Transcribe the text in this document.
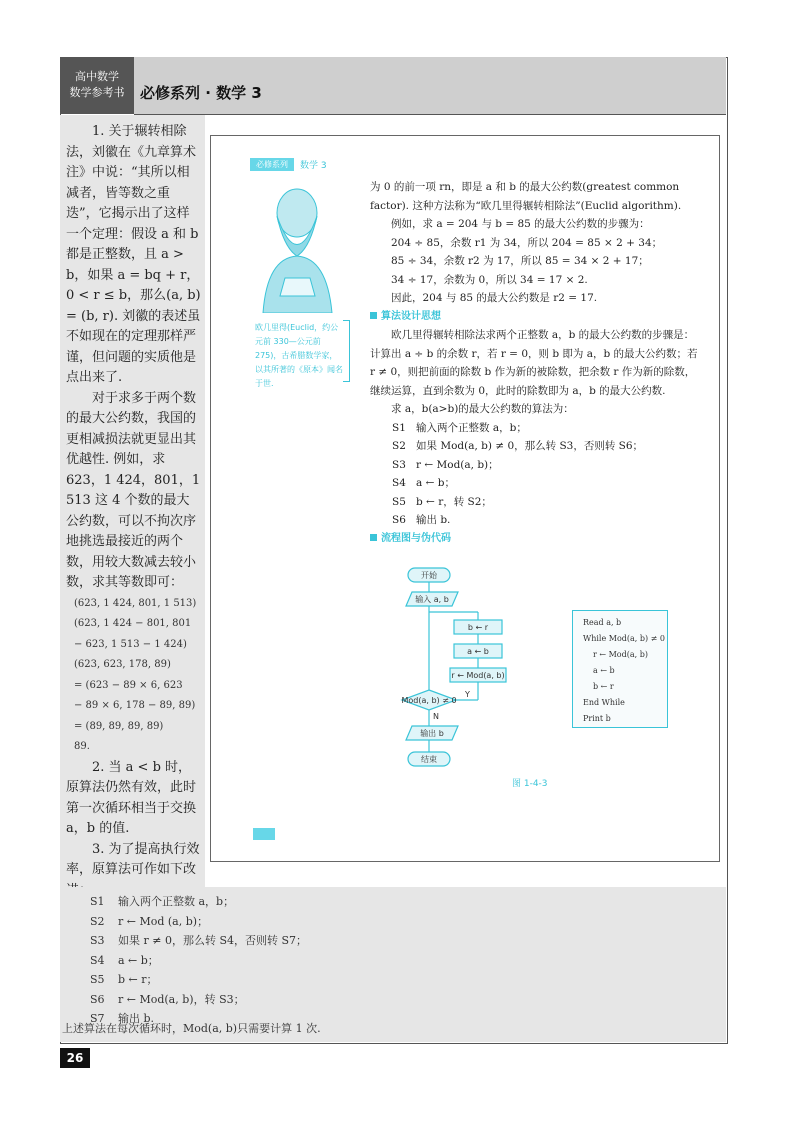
高中数学
数学参考书	必修系列 · 数学 3

1. 关于辗转相除法，刘徽在《九章算术注》中说：“其所以相减者，皆等数之重迭”，它揭示出了这样一个定理：假设 a 和 b 都是正整数，且 a > b，如果 a = bq + r，0 < r ≤ b，那么(a, b) = (b, r). 刘徽的表述虽不如现在的定理那样严谨，但问题的实质他是点出来了.

对于求多于两个数的最大公约数，我国的更相减损法就更显出其优越性. 例如，求 623，1 424，801，1 513 这 4 个数的最大公约数，可以不拘次序地挑选最接近的两个数，用较大数减去较小数，求其等数即可：

(623, 1 424, 801, 1 513)
(623, 1 424 − 801, 801
− 623, 1 513 − 1 424)
(623, 623, 178, 89)
= (623 − 89 × 6, 623
− 89 × 6, 178 − 89, 89)
= (89, 89, 89, 89)
89.

2. 当 a < b 时，原算法仍然有效，此时第一次循环相当于交换 a，b 的值.

3. 为了提高执行效率，原算法可作如下改

S1 输入两个正整数 a，b；
S2 r ← Mod (a, b)；
S3 如果 r ≠ 0，那么转 S4，否则转 S7；
S4 a ← b；
S5 b ← r；
S6 r ← Mod(a, b)，转 S3；
S7 输出 b.
上述算法在每次循环时，Mod(a, b)只需要计算 1 次.
必修系列	数学 3
欧几里得(Euclid，约公元前 330—公元前 275)，古希腊数学家，以其所著的《原本》闻名于世.

为 0 的前一项 rn，即是 a 和 b 的最大公约数(greatest common factor). 这种方法称为“欧几里得辗转相除法”(Euclid algorithm).

例如，求 a = 204 与 b = 85 的最大公约数的步骤为：

204 ÷ 85，余数 r1 为 34，所以 204 = 85 × 2 + 34；

85 ÷ 34，余数 r2 为 17，所以 85 = 34 × 2 + 17；

34 ÷ 17，余数为 0，所以 34 = 17 × 2.

因此，204 与 85 的最大公约数是 r2 = 17.

算法设计思想

欧几里得辗转相除法求两个正整数 a，b 的最大公约数的步骤是：计算出 a ÷ b 的余数 r，若 r = 0，则 b 即为 a，b 的最大公约数；若 r ≠ 0，则把前面的除数 b 作为新的被除数，把余数 r 作为新的除数，继续运算，直到余数为 0，此时的除数即为 a，b 的最大公约数.

求 a，b(a>b)的最大公约数的算法为：

S1 输入两个正整数 a，b；
S2 如果 Mod(a, b) ≠ 0，那么转 S3，否则转 S6；
S3 r ← Mod(a, b)；
S4 a ← b；
S5 b ← r，转 S2；
S6 输出 b.

流程图与伪代码

开始
输入 a, b
b ← r
a ← b
r ← Mod(a, b)
Y
Mod(a, b) ≠ 0
N
输出 b
结束
Read a, b
While Mod(a, b) ≠ 0
r ← Mod(a, b)
a ← b
b ← r
End While
Print b
图 1-4-3
26
